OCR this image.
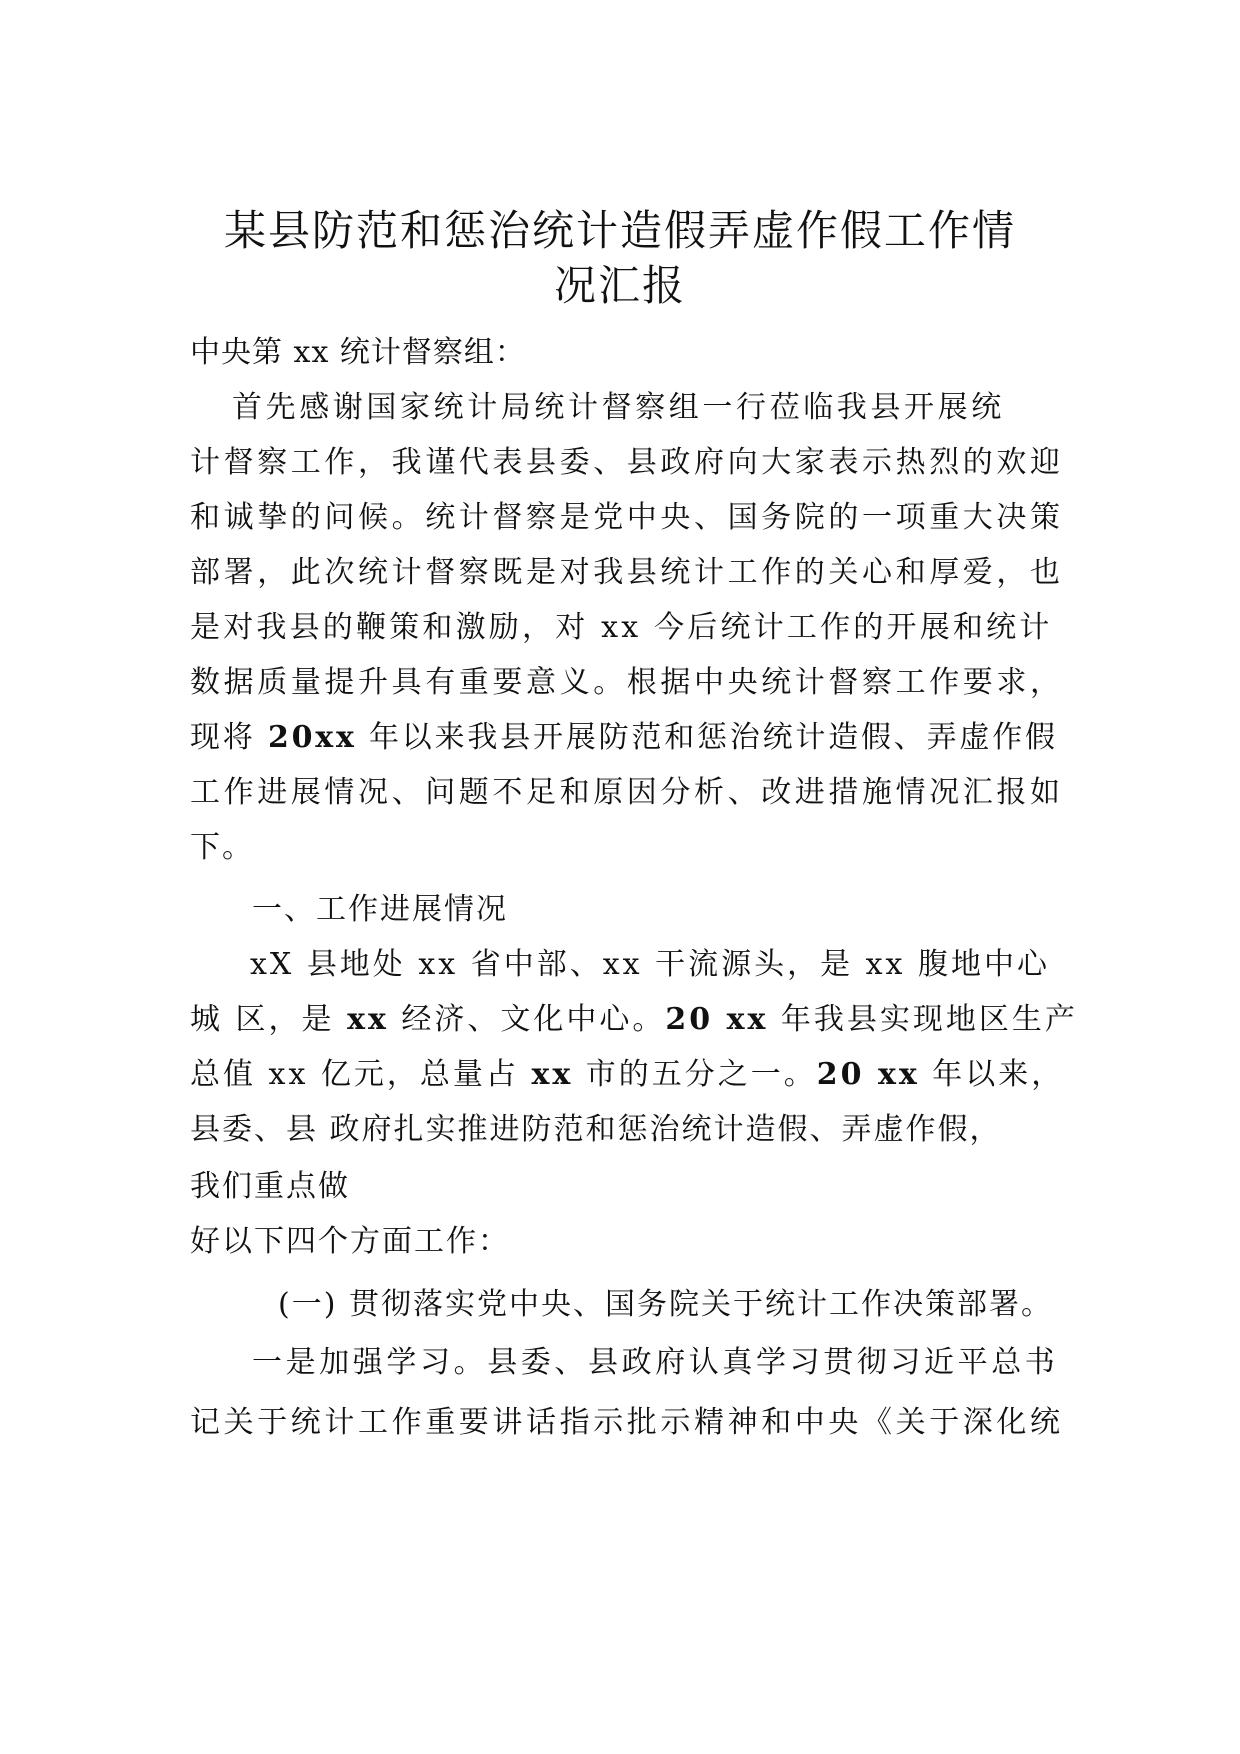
某县防范和惩治统计造假弄虚作假工作情
况汇报
中央第 xx 统计督察组：
首先感谢国家统计局统计督察组一行莅临我县开展统
计督察工作，我谨代表县委、县政府向大家表示热烈的欢迎
和诚挚的问候。统计督察是党中央、国务院的一项重大决策
部署，此次统计督察既是对我县统计工作的关心和厚爱，也
是对我县的鞭策和激励，对 xx 今后统计工作的开展和统计
数据质量提升具有重要意义。根据中央统计督察工作要求，
现将 20xx 年以来我县开展防范和惩治统计造假、弄虚作假
工作进展情况、问题不足和原因分析、改进措施情况汇报如
下。
一、工作进展情况
xX 县地处 xx 省中部、xx 干流源头，是 xx 腹地中心
城 区，是 xx 经济、文化中心。20 xx 年我县实现地区生产
总值 xx 亿元，总量占 xx 市的五分之一。20 xx 年以来，
县委、县 政府扎实推进防范和惩治统计造假、弄虚作假，
我们重点做
好以下四个方面工作：
(一) 贯彻落实党中央、国务院关于统计工作决策部署。
一是加强学习。县委、县政府认真学习贯彻习近平总书
记关于统计工作重要讲话指示批示精神和中央《关于深化统
